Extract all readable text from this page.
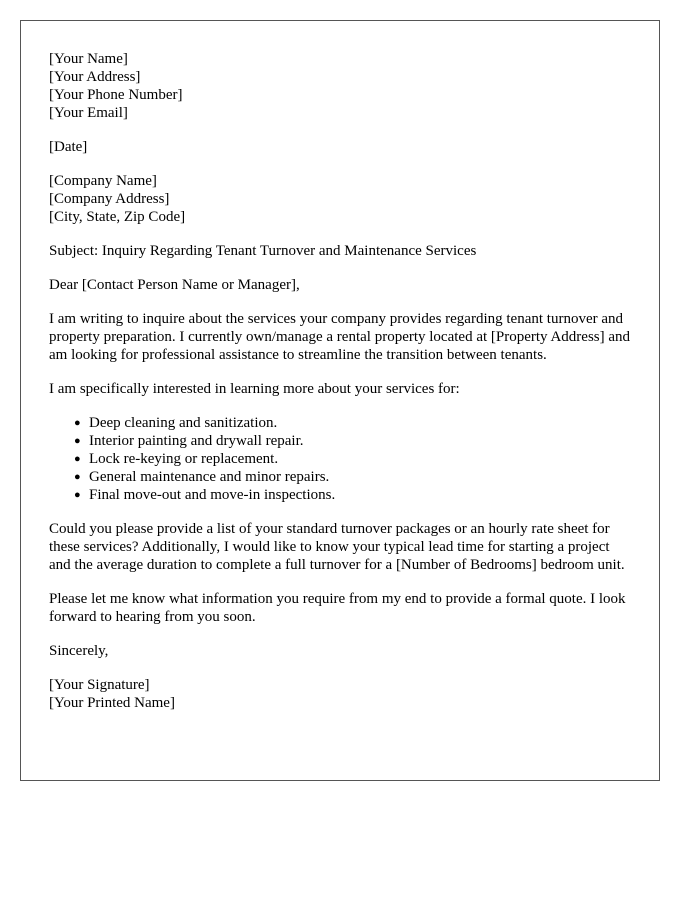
[Your Name]
[Your Address]
[Your Phone Number]
[Your Email]
[Date]
[Company Name]
[Company Address]
[City, State, Zip Code]

Subject: Inquiry Regarding Tenant Turnover and Maintenance Services

Dear [Contact Person Name or Manager],

I am writing to inquire about the services your company provides regarding tenant turnover and property preparation. I currently own/manage a rental property located at [Property Address] and am looking for professional assistance to streamline the transition between tenants.

I am specifically interested in learning more about your services for:

● Deep cleaning and sanitization.
● Interior painting and drywall repair.
● Lock re-keying or replacement.
● General maintenance and minor repairs.
● Final move-out and move-in inspections.

Could you please provide a list of your standard turnover packages or an hourly rate sheet for these services? Additionally, I would like to know your typical lead time for starting a project and the average duration to complete a full turnover for a [Number of Bedrooms] bedroom unit.

Please let me know what information you require from my end to provide a formal quote. I look forward to hearing from you soon.

Sincerely,

[Your Signature]
[Your Printed Name]
